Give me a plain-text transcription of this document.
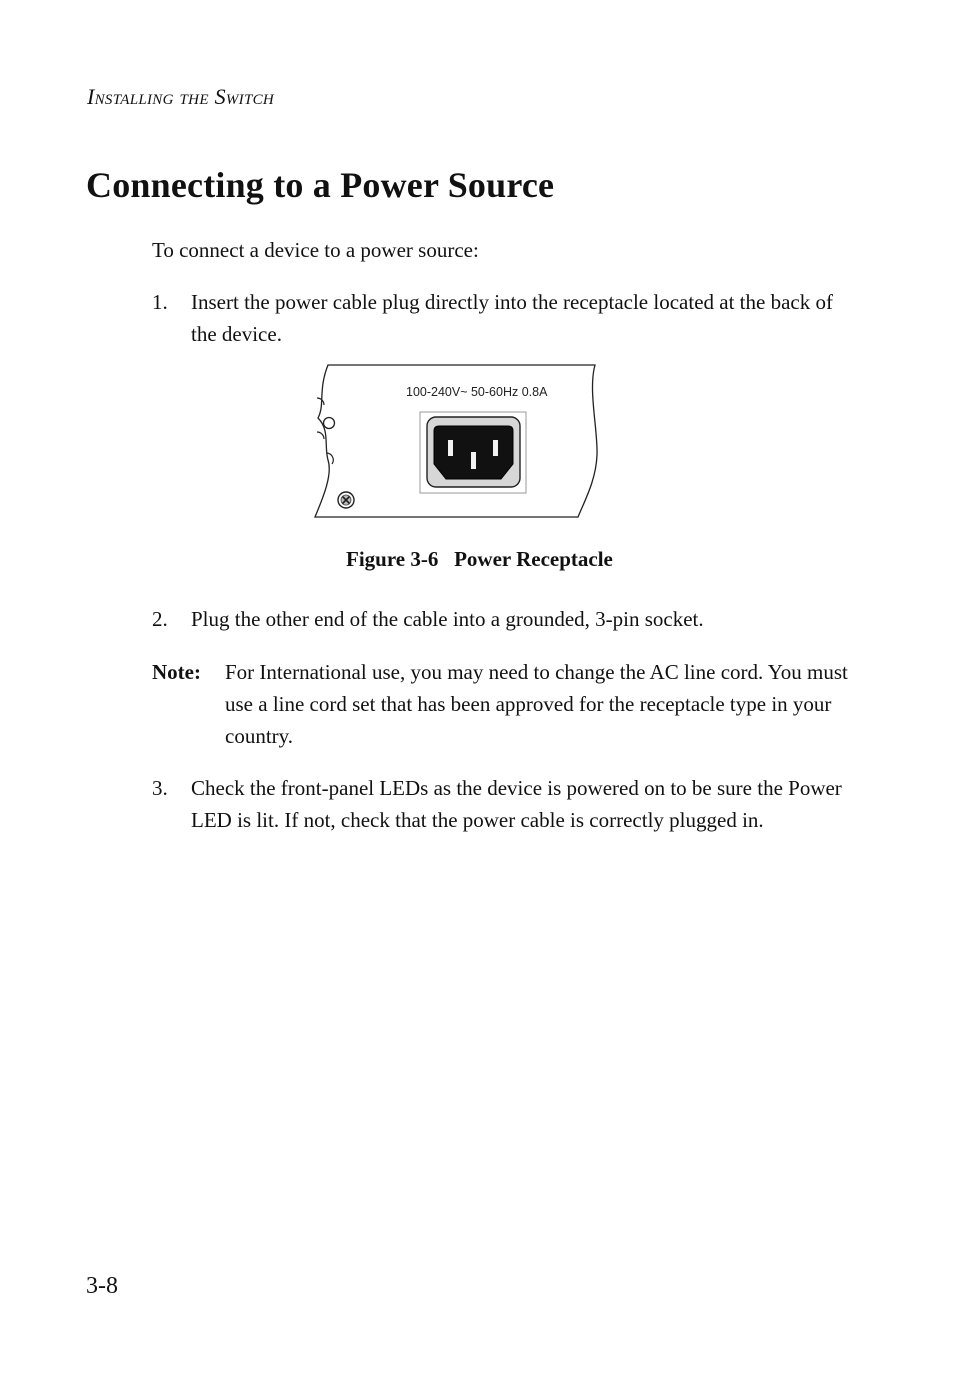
Installing the Switch
Connecting to a Power Source
To connect a device to a power source:
1. Insert the power cable plug directly into the receptacle located at the back of the device.
100-240V~ 50-60Hz 0.8A
Figure 3-6   Power Receptacle
2. Plug the other end of the cable into a grounded, 3-pin socket.
Note: For International use, you may need to change the AC line cord. You must use a line cord set that has been approved for the receptacle type in your country.
3. Check the front-panel LEDs as the device is powered on to be sure the Power LED is lit. If not, check that the power cable is correctly plugged in.
3-8
